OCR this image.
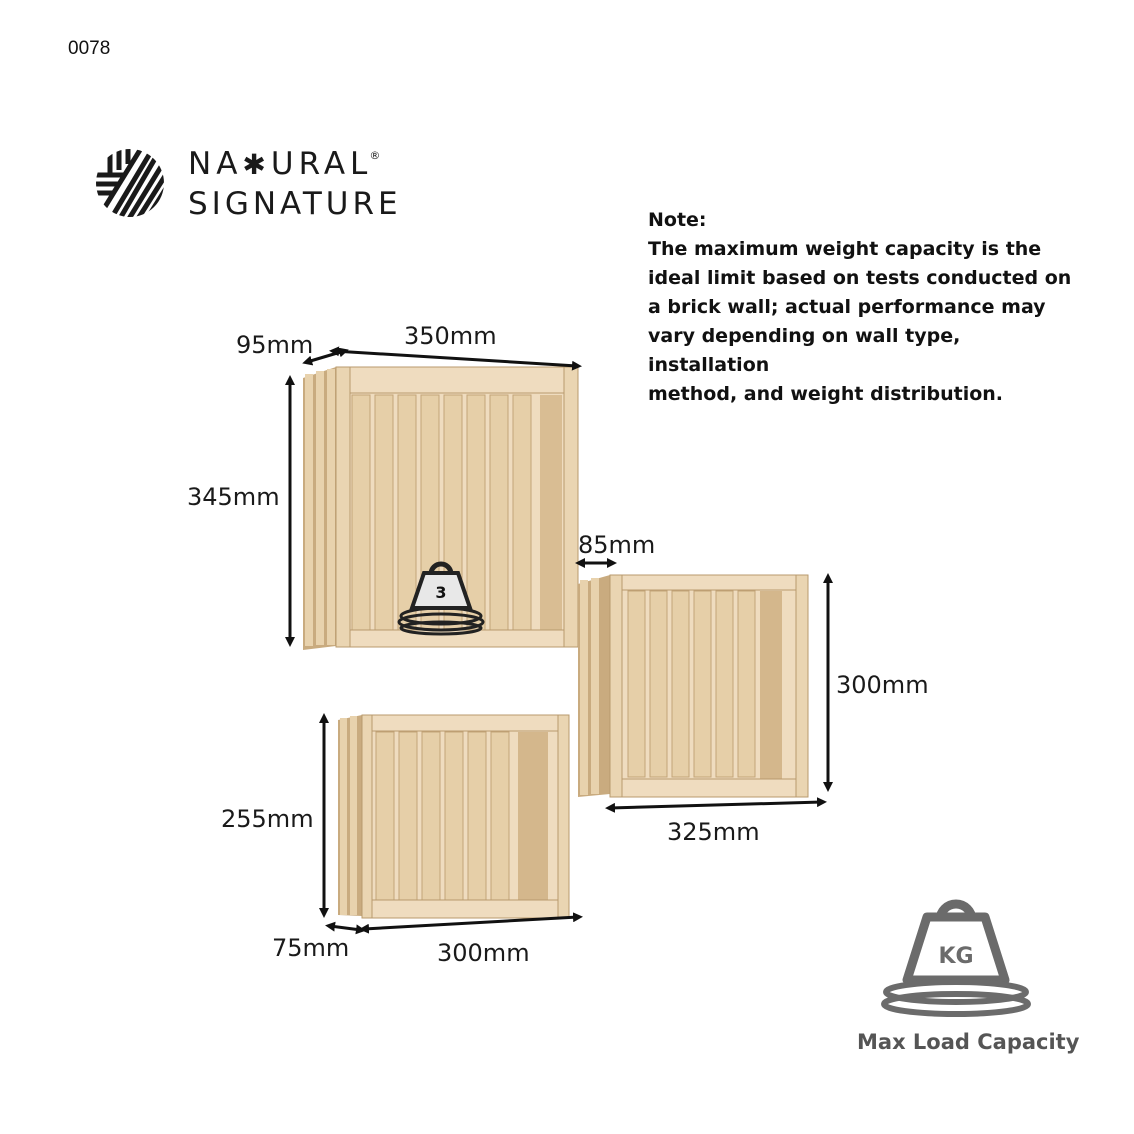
0078
NA✱URAL®
SIGNATURE	Note:
The maximum weight capacity is the
ideal limit based on tests conducted on
a brick wall; actual performance may
vary depending on wall type, installation
method, and weight distribution.
3
KG
95mm	350mm
345mm
85mm
300mm
325mm
255mm
75mm	300mm
Max Load Capacity
